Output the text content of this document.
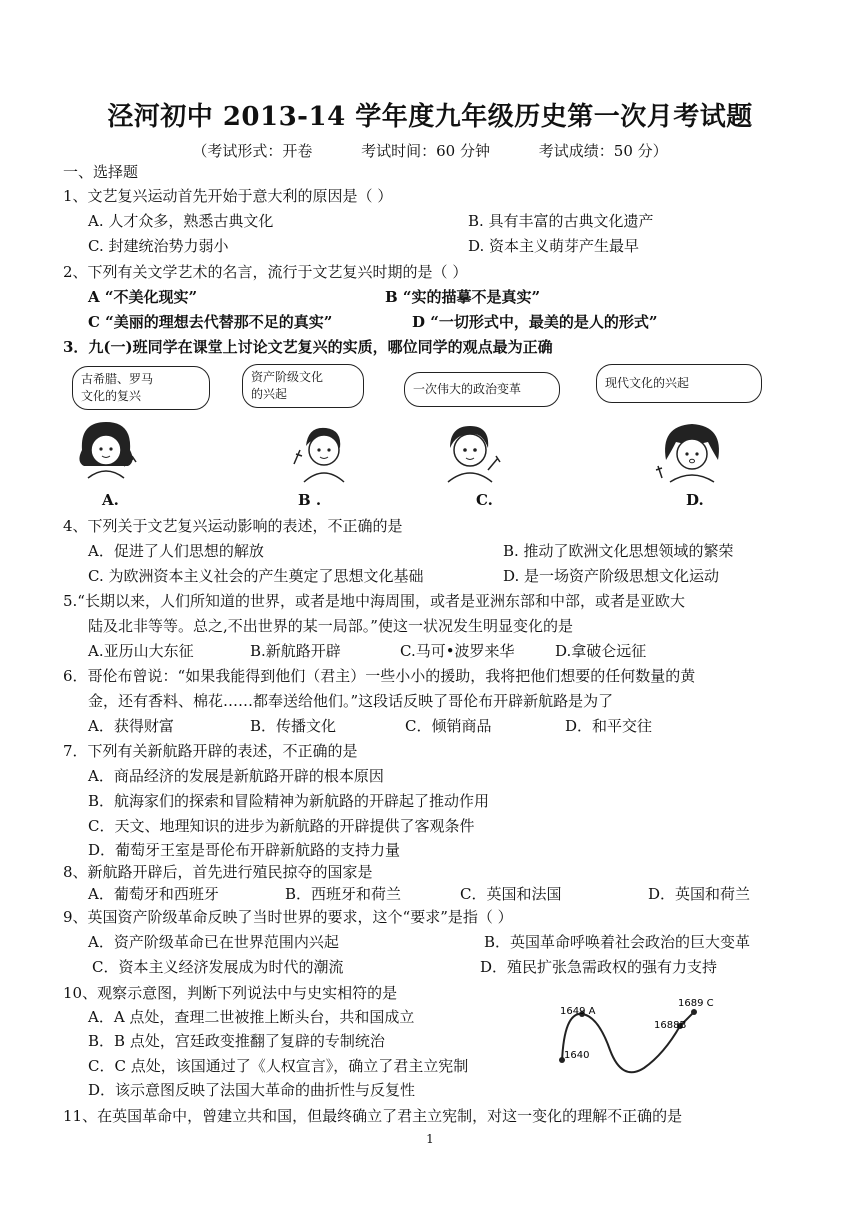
泾河初中 2013-14 学年度九年级历史第一次月考试题
（考试形式：开卷	考试时间：60 分钟	考试成绩：50 分）
一、选择题
1、文艺复兴运动首先开始于意大利的原因是（ ）
A. 人才众多，熟悉古典文化	B. 具有丰富的古典文化遗产
C. 封建统治势力弱小	D. 资本主义萌芽产生最早
2、下列有关文学艺术的名言，流行于文艺复兴时期的是（ ）
A “不美化现实”	B “实的描摹不是真实”
C “美丽的理想去代替那不足的真实”	D “一切形式中，最美的是人的形式”
3．九(一)班同学在课堂上讨论文艺复兴的实质，哪位同学的观点最为正确
古希腊、罗马
文化的复兴
资产阶级文化
的兴起	一次伟大的政治变革	现代文化的兴起
A.	B .	C.	D.
4、下列关于文艺复兴运动影响的表述，不正确的是
A．促进了人们思想的解放	B. 推动了欧洲文化思想领域的繁荣
C. 为欧洲资本主义社会的产生奠定了思想文化基础	D. 是一场资产阶级思想文化运动
5.“长期以来，人们所知道的世界，或者是地中海周围，或者是亚洲东部和中部，或者是亚欧大
陆及北非等等。总之,不出世界的某一局部。”使这一状况发生明显变化的是
A.亚历山大东征	B.新航路开辟	C.马可•波罗来华	D.拿破仑远征
6．哥伦布曾说：“如果我能得到他们（君主）一些小小的援助，我将把他们想要的任何数量的黄
金，还有香料、棉花……都奉送给他们。”这段话反映了哥伦布开辟新航路是为了
A．获得财富	B．传播文化	C．倾销商品	D．和平交往
7．下列有关新航路开辟的表述，不正确的是
A．商品经济的发展是新航路开辟的根本原因
B．航海家们的探索和冒险精神为新航路的开辟起了推动作用
C．天文、地理知识的进步为新航路的开辟提供了客观条件
D．葡萄牙王室是哥伦布开辟新航路的支持力量
8、新航路开辟后，首先进行殖民掠夺的国家是
A．葡萄牙和西班牙	B．西班牙和荷兰	C．英国和法国	D．英国和荷兰
9、英国资产阶级革命反映了当时世界的要求，这个“要求”是指（ ）
A．资产阶级革命已在世界范围内兴起	B．英国革命呼唤着社会政治的巨大变革
C．资本主义经济发展成为时代的潮流	D．殖民扩张急需政权的强有力支持
10、观察示意图，判断下列说法中与史实相符的是
A．A 点处，查理二世被推上断头台，共和国成立
B．B 点处，宫廷政变推翻了复辟的专制统治
C．C 点处，该国通过了《人权宣言》，确立了君主立宪制
D．该示意图反映了法国大革命的曲折性与反复性
1649 A
1640
1688B
1689 C
11、在英国革命中，曾建立共和国，但最终确立了君主立宪制，对这一变化的理解不正确的是
1
